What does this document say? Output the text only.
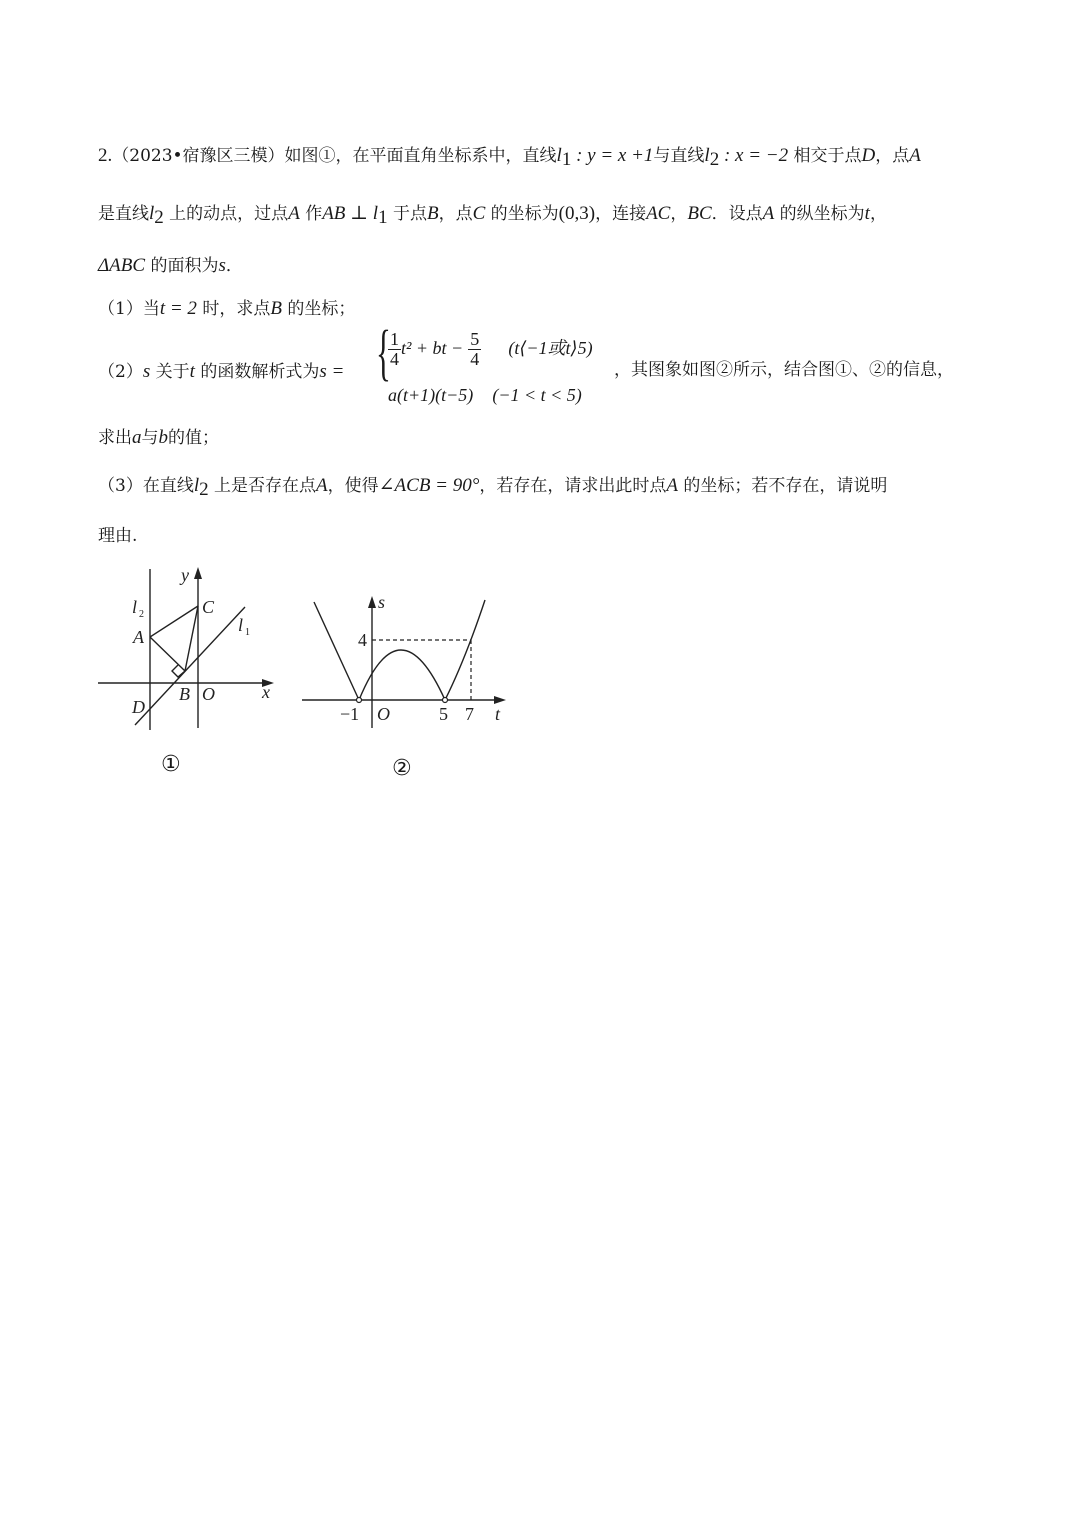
2.（2023•宿豫区三模）如图①，在平面直角坐标系中，直线$l_1$ : y = x +1与直线$l_2$ : x = −2 相交于点D，点A
是直线$l_2$ 上的动点，过点A 作AB ⊥ $l_1$ 于点B，点C 的坐标为(0,3)，连接AC，BC．设点A 的纵坐标为t，
ΔABC 的面积为s．
（1）当t = 2 时，求点B 的坐标；
（2）s 关于t 的函数解析式为s = {
$\frac{1}{4} t^2$ + bt − $\frac{5}{4}$ (t⟨−1或t⟩5)
a(t+1)(t−5) (−1 < t < 5)
，其图象如图②所示，结合图①、②的信息，
求出a与b的值；
（3）在直线$l_2$ 上是否存在点A，使得∠ACB = 90°，若存在，请求出此时点A 的坐标；若不存在，请说明
理由.
y
x
l 2
l 1
A
C
B O
D
①
s
4
−1 O	5 7 t
②
